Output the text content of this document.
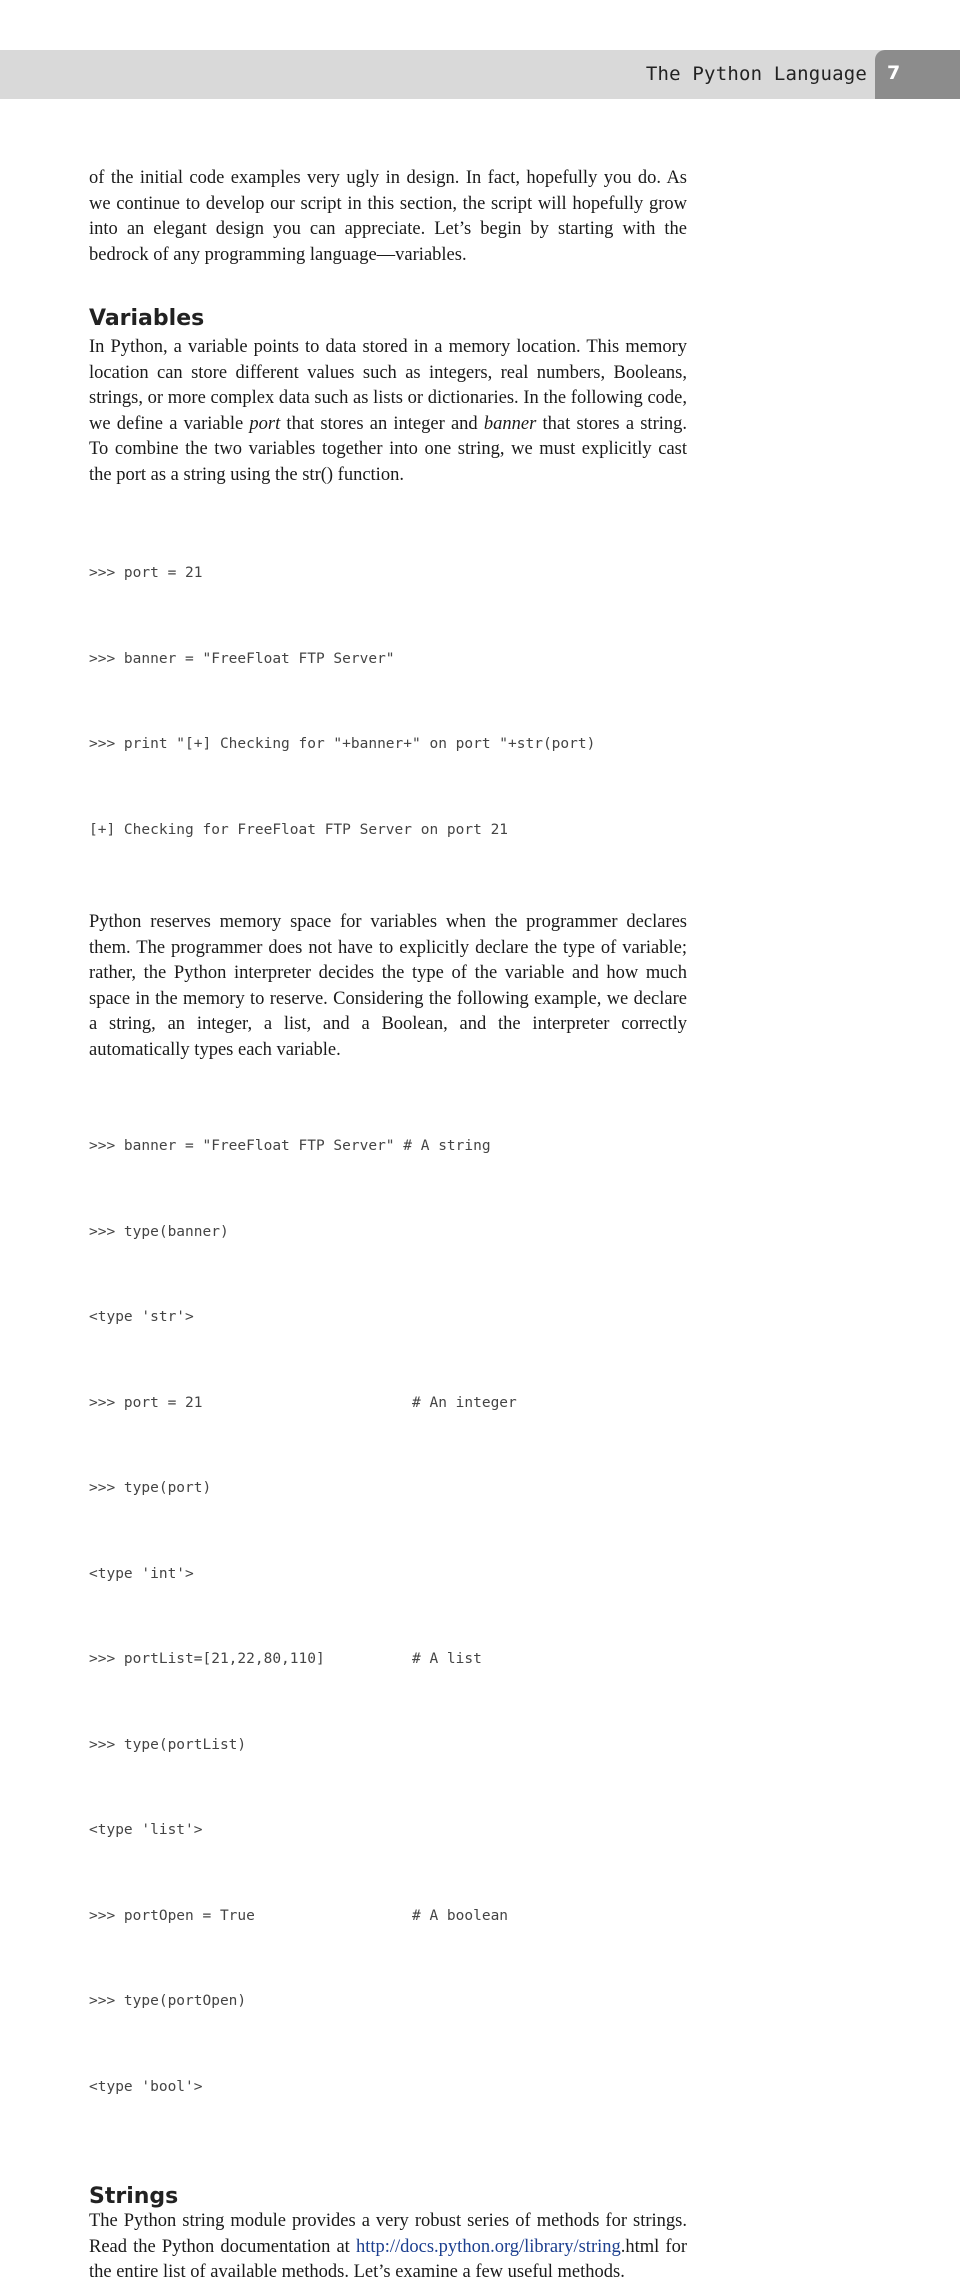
The Python Language 7

of the initial code examples very ugly in design. In fact, hopefully you do. As we continue to develop our script in this section, the script will hopefully grow into an elegant design you can appreciate. Let’s begin by starting with the bedrock of any programming language—variables.

Variables

In Python, a variable points to data stored in a memory location. This memory location can store different values such as integers, real numbers, Booleans, strings, or more complex data such as lists or dictionaries. In the following code, we define a variable port that stores an integer and banner that stores a string. To combine the two variables together into one string, we must explicitly cast the port as a string using the str() function.

>>> port = 21

>>> banner = "FreeFloat FTP Server"

>>> print "[+] Checking for "+banner+" on port "+str(port)

[+] Checking for FreeFloat FTP Server on port 21

Python reserves memory space for variables when the programmer declares them. The programmer does not have to explicitly declare the type of variable; rather, the Python interpreter decides the type of the variable and how much space in the memory to reserve. Considering the following example, we declare a string, an integer, a list, and a Boolean, and the interpreter correctly automatically types each variable.

>>> banner = "FreeFloat FTP Server" # A string

>>> type(banner)

<type 'str'>

>>> port = 21                        # An integer

>>> type(port)

<type 'int'>

>>> portList=[21,22,80,110]          # A list

>>> type(portList)

<type 'list'>

>>> portOpen = True                  # A boolean

>>> type(portOpen)

<type 'bool'>

Strings

The Python string module provides a very robust series of methods for strings. Read the Python documentation at http://docs.python.org/library/string.html for the entire list of available methods. Let’s examine a few useful methods.
